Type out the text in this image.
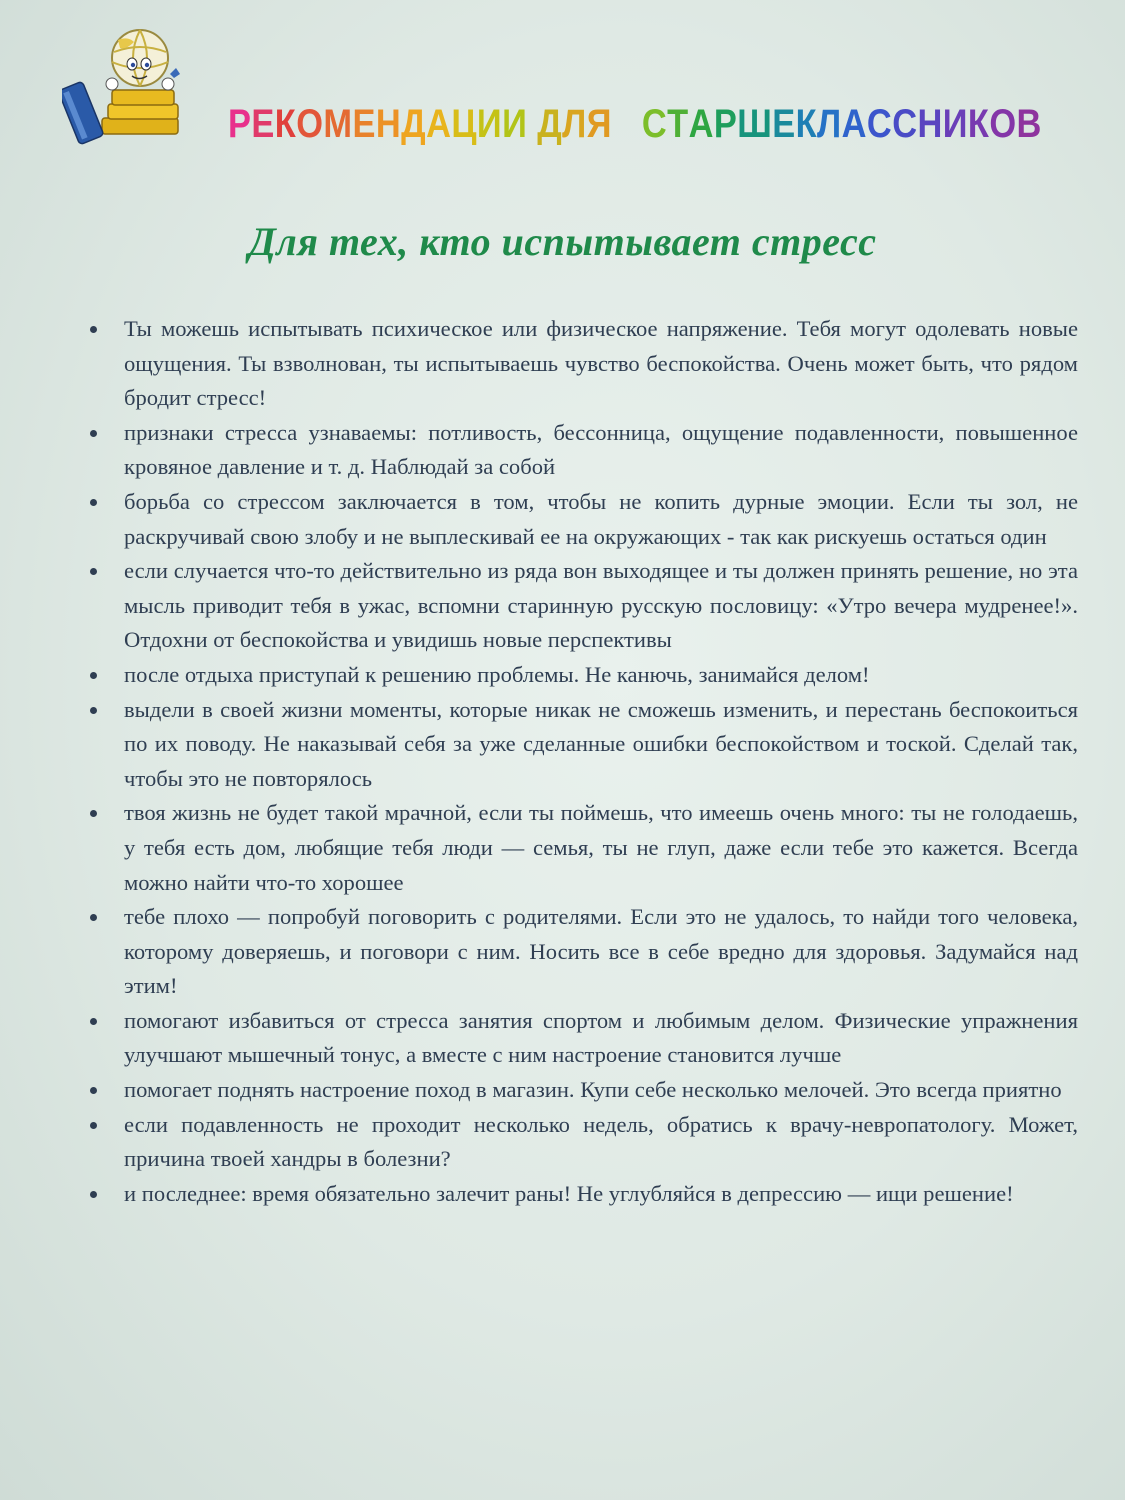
РЕКОМЕНДАЦИИ ДЛЯ СТАРШЕКЛАССНИКОВ
Для тех, кто испытывает стресс
Ты можешь испытывать психическое или физическое напряжение. Тебя могут одолевать новые ощущения. Ты взволнован, ты испытываешь чувство беспокойства. Очень может быть, что рядом бродит стресс!
признаки стресса узнаваемы: потливость, бессонница, ощущение подавленности, повышенное кровяное давление и т. д. Наблюдай за собой
борьба со стрессом заключается в том, чтобы не копить дурные эмоции. Если ты зол, не раскручивай свою злобу и не выплескивай ее на окружающих - так как рискуешь остаться один
если случается что-то действительно из ряда вон выходящее и ты должен принять решение, но эта мысль приводит тебя в ужас, вспомни старинную русскую пословицу: «Утро вечера мудренее!». Отдохни от беспокойства и увидишь новые перспективы
после отдыха приступай к решению проблемы. Не канючь, занимайся делом!
выдели в своей жизни моменты, которые никак не сможешь изменить, и перестань беспокоиться по их поводу. Не наказывай себя за уже сделанные ошибки беспокойством и тоской. Сделай так, чтобы это не повторялось
твоя жизнь не будет такой мрачной, если ты поймешь, что имеешь очень много: ты не голодаешь, у тебя есть дом, любящие тебя люди — семья, ты не глуп, даже если тебе это кажется. Всегда можно найти что-то хорошее
тебе плохо — попробуй поговорить с родителями. Если это не удалось, то найди того человека, которому доверяешь, и поговори с ним. Носить все в себе вредно для здоровья. Задумайся над этим!
помогают избавиться от стресса занятия спортом и любимым делом. Физические упражнения улучшают мышечный тонус, а вместе с ним настроение становится лучше
помогает поднять настроение поход в магазин. Купи себе несколько мелочей. Это всегда приятно
если подавленность не проходит несколько недель, обратись к врачу-невропатологу. Может, причина твоей хандры в болезни?
и последнее: время обязательно залечит раны! Не углубляйся в депрессию — ищи решение!
